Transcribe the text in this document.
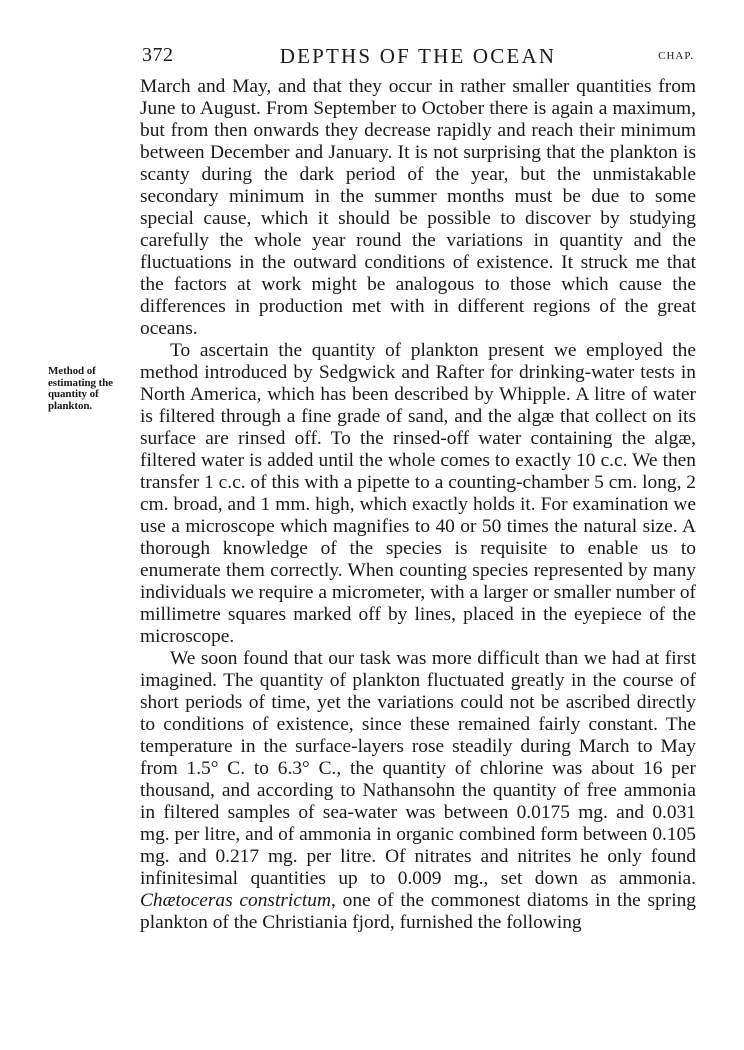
372	DEPTHS OF THE OCEAN	CHAP.
Method of
estimating the
quantity of
plankton.

March and May, and that they occur in rather smaller quantities from June to August. From September to October there is again a maximum, but from then onwards they decrease rapidly and reach their minimum between December and January. It is not surprising that the plankton is scanty during the dark period of the year, but the unmistakable secondary minimum in the summer months must be due to some special cause, which it should be possible to discover by studying carefully the whole year round the variations in quantity and the fluctuations in the outward conditions of existence. It struck me that the factors at work might be analogous to those which cause the differences in production met with in different regions of the great oceans.

To ascertain the quantity of plankton present we employed the method introduced by Sedgwick and Rafter for drinking-water tests in North America, which has been described by Whipple. A litre of water is filtered through a fine grade of sand, and the algæ that collect on its surface are rinsed off. To the rinsed-off water containing the algæ, filtered water is added until the whole comes to exactly 10 c.c. We then transfer 1 c.c. of this with a pipette to a counting-chamber 5 cm. long, 2 cm. broad, and 1 mm. high, which exactly holds it. For examination we use a microscope which magnifies to 40 or 50 times the natural size. A thorough knowledge of the species is requisite to enable us to enumerate them correctly. When counting species represented by many individuals we require a micrometer, with a larger or smaller number of millimetre squares marked off by lines, placed in the eyepiece of the microscope.

We soon found that our task was more difficult than we had at first imagined. The quantity of plankton fluctuated greatly in the course of short periods of time, yet the variations could not be ascribed directly to conditions of existence, since these remained fairly constant. The temperature in the surface-layers rose steadily during March to May from 1.5° C. to 6.3° C., the quantity of chlorine was about 16 per thousand, and according to Nathansohn the quantity of free ammonia in filtered samples of sea-water was between 0.0175 mg. and 0.031 mg. per litre, and of ammonia in organic combined form between 0.105 mg. and 0.217 mg. per litre. Of nitrates and nitrites he only found infinitesimal quantities up to 0.009 mg., set down as ammonia. Chætoceras constrictum, one of the commonest diatoms in the spring plankton of the Christiania fjord, furnished the following
